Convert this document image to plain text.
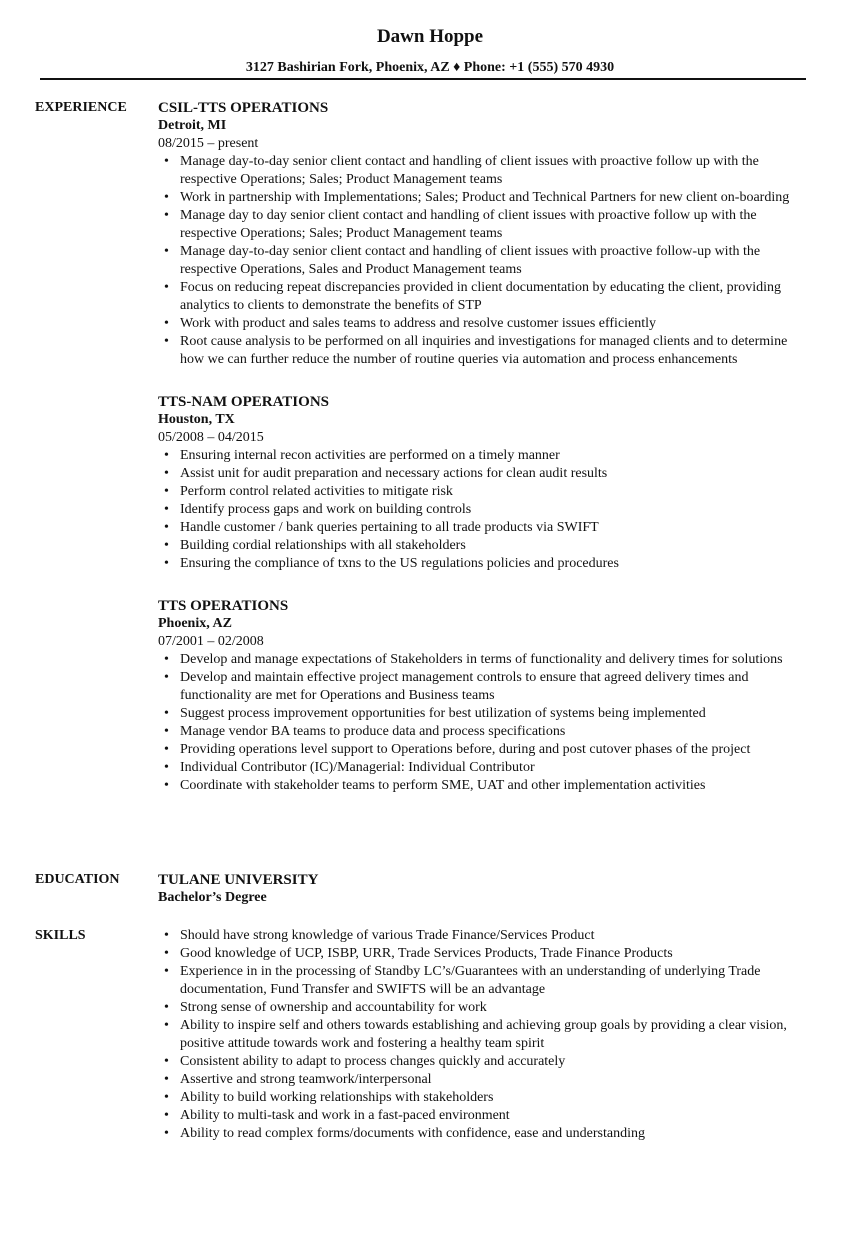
Dawn Hoppe
3127 Bashirian Fork, Phoenix, AZ ♦ Phone: +1 (555) 570 4930
EXPERIENCE CSIL-TTS OPERATIONS
Detroit, MI
08/2015 – present
• Manage day-to-day senior client contact and handling of client issues with proactive follow up with the respective Operations; Sales; Product Management teams
• Work in partnership with Implementations; Sales; Product and Technical Partners for new client on-boarding
• Manage day to day senior client contact and handling of client issues with proactive follow up with the respective Operations; Sales; Product Management teams
• Manage day-to-day senior client contact and handling of client issues with proactive follow-up with the respective Operations, Sales and Product Management teams
• Focus on reducing repeat discrepancies provided in client documentation by educating the client, providing analytics to clients to demonstrate the benefits of STP
• Work with product and sales teams to address and resolve customer issues efficiently
• Root cause analysis to be performed on all inquiries and investigations for managed clients and to determine how we can further reduce the number of routine queries via automation and process enhancements
TTS-NAM OPERATIONS
Houston, TX
05/2008 – 04/2015
• Ensuring internal recon activities are performed on a timely manner
• Assist unit for audit preparation and necessary actions for clean audit results
• Perform control related activities to mitigate risk
• Identify process gaps and work on building controls
• Handle customer / bank queries pertaining to all trade products via SWIFT
• Building cordial relationships with all stakeholders
• Ensuring the compliance of txns to the US regulations policies and procedures
TTS OPERATIONS
Phoenix, AZ
07/2001 – 02/2008
• Develop and manage expectations of Stakeholders in terms of functionality and delivery times for solutions
• Develop and maintain effective project management controls to ensure that agreed delivery times and functionality are met for Operations and Business teams
• Suggest process improvement opportunities for best utilization of systems being implemented
• Manage vendor BA teams to produce data and process specifications
• Providing operations level support to Operations before, during and post cutover phases of the project
• Individual Contributor (IC)/Managerial: Individual Contributor
• Coordinate with stakeholder teams to perform SME, UAT and other implementation activities
EDUCATION	TULANE UNIVERSITY
Bachelor’s Degree
SKILLS
•	Should have strong knowledge of various Trade Finance/Services Product
• Good knowledge of UCP, ISBP, URR, Trade Services Products, Trade Finance Products
• Experience in in the processing of Standby LC’s/Guarantees with an understanding of underlying Trade documentation, Fund Transfer and SWIFTS will be an advantage
• Strong sense of ownership and accountability for work
• Ability to inspire self and others towards establishing and achieving group goals by providing a clear vision, positive attitude towards work and fostering a healthy team spirit
• Consistent ability to adapt to process changes quickly and accurately
• Assertive and strong teamwork/interpersonal
• Ability to build working relationships with stakeholders
• Ability to multi-task and work in a fast-paced environment
• Ability to read complex forms/documents with confidence, ease and understanding
